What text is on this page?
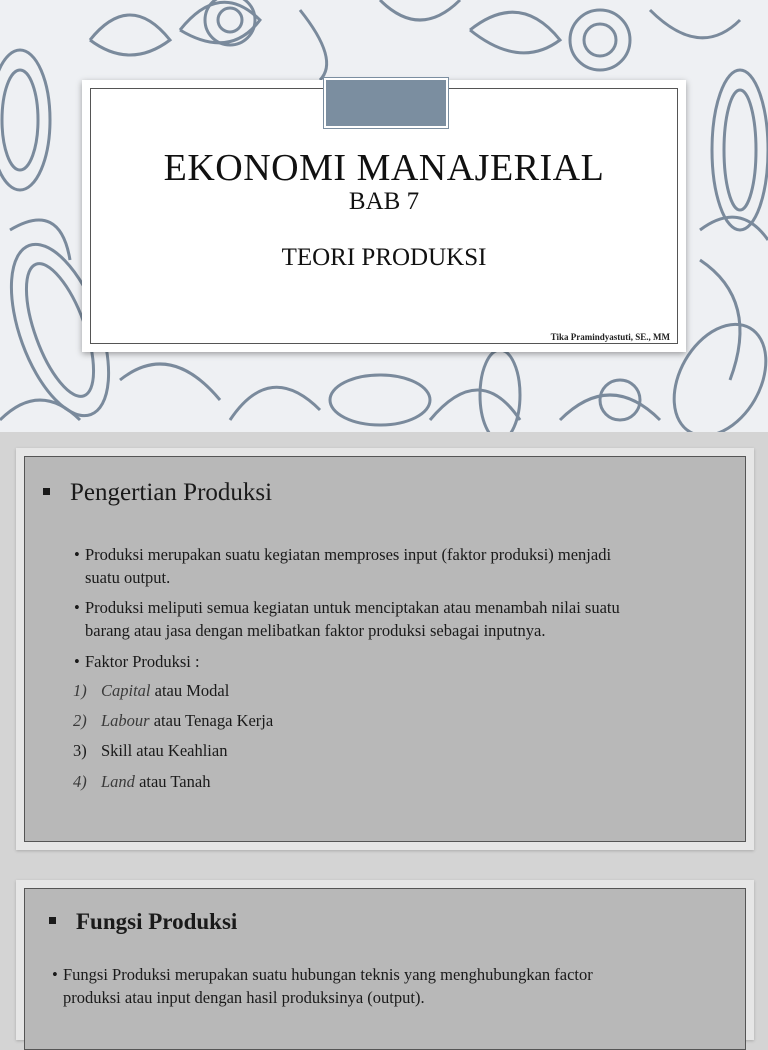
EKONOMI MANAJERIAL
BAB 7
TEORI PRODUKSI
Tika Pramindyastuti, SE., MM
Pengertian Produksi
• Produksi merupakan suatu kegiatan memproses input (faktor produksi) menjadi
suatu output.
• Produksi meliputi semua kegiatan untuk menciptakan atau menambah nilai suatu
barang atau jasa dengan melibatkan faktor produksi sebagai inputnya.
• Faktor Produksi :
1) Capital atau Modal
2) Labour atau Tenaga Kerja
3) Skill atau Keahlian
4) Land atau Tanah
Fungsi Produksi
• Fungsi Produksi merupakan suatu hubungan teknis yang menghubungkan factor
produksi atau input dengan hasil produksinya (output).
